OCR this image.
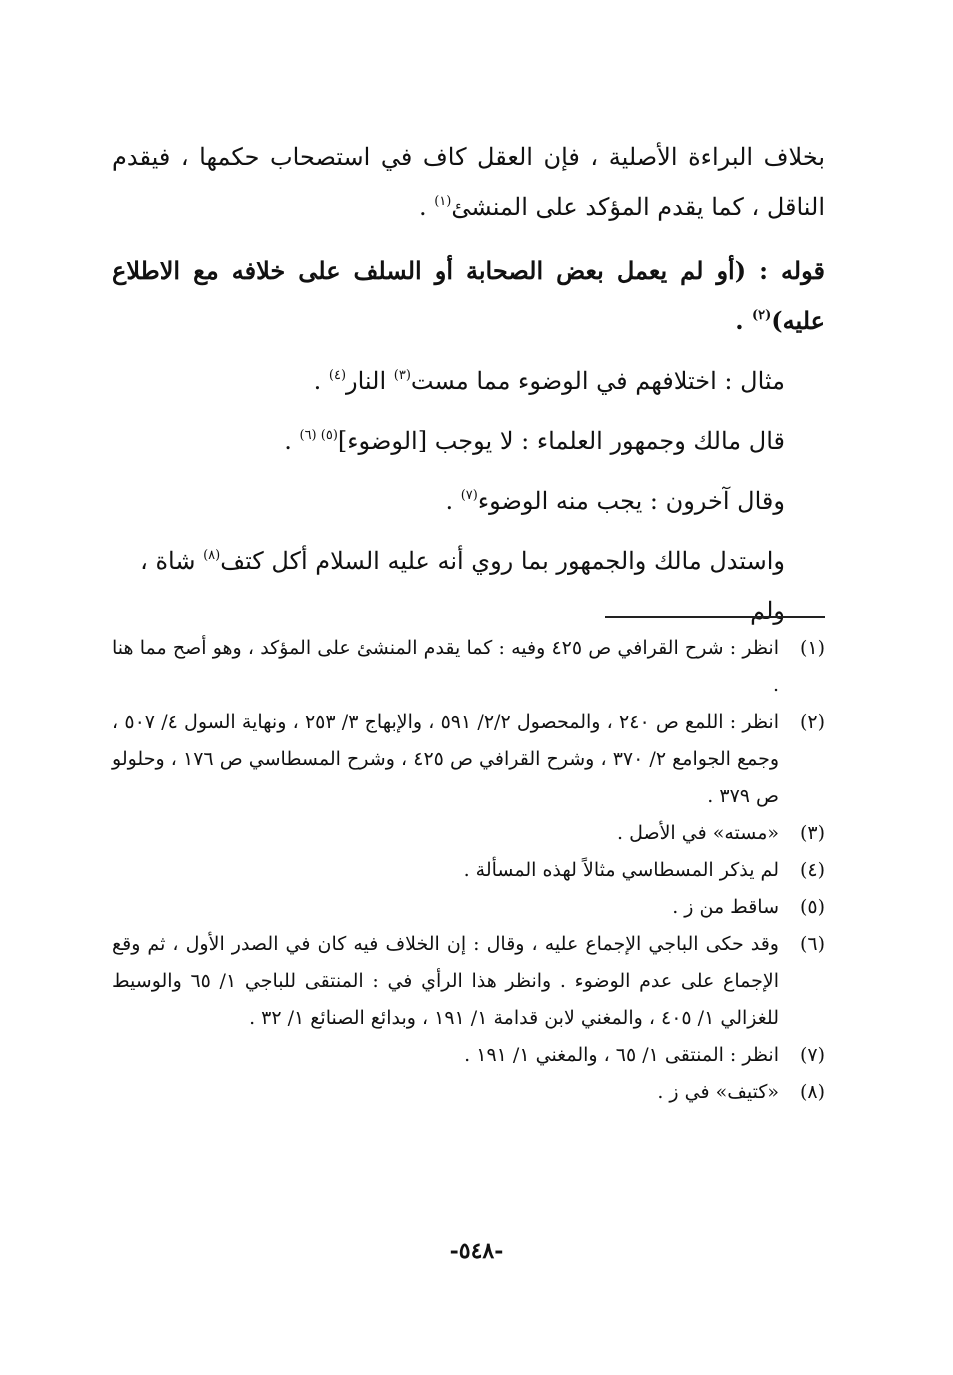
بخلاف البراءة الأصلية ، فإن العقل كاف في استصحاب حكمها ، فيقدم الناقل ، كما يقدم المؤكد على المنشئ$^{(١)}$ .

قوله : (أو لم يعمل بعض الصحابة أو السلف على خلافه مع الاطلاع عليه)$^{(٢)}$ .

مثال : اختلافهم في الوضوء مما مست$^{(٣)}$ النار$^{(٤)}$ .

قال مالك وجمهور العلماء : لا يوجب [الوضوء]$^{(٥)}$ $^{(٦)}$ .

وقال آخرون : يجب منه الوضوء$^{(٧)}$ .

واستدل مالك والجمهور بما روي أنه عليه السلام أكل كتف$^{(٨)}$ شاة ، ولم

(١)
انظر : شرح القرافي ص ٤٢٥ وفيه : كما يقدم المنشئ على المؤكد ، وهو أصح مما هنا .
(٢)
انظر : اللمع ص ٢٤٠ ، والمحصول ٢/٢/ ٥٩١ ، والإبهاج ٣/ ٢٥٣ ، ونهاية السول ٤/ ٥٠٧ ، وجمع الجوامع ٢/ ٣٧٠ ، وشرح القرافي ص ٤٢٥ ، وشرح المسطاسي ص ١٧٦ ، وحلولو ص ٣٧٩ .
(٣)
«مسته» في الأصل .
(٤)
لم يذكر المسطاسي مثالاً لهذه المسألة .
(٥)
ساقط من ز .
(٦)
وقد حكى الباجي الإجماع عليه ، وقال : إن الخلاف فيه كان في الصدر الأول ، ثم وقع الإجماع على عدم الوضوء . وانظر هذا الرأي في : المنتقى للباجي ١/ ٦٥ والوسيط للغزالي ١/ ٤٠٥ ، والمغني لابن قدامة ١/ ١٩١ ، وبدائع الصنائع ١/ ٣٢ .
(٧)
انظر : المنتقى ١/ ٦٥ ، والمغني ١/ ١٩١ .
(٨)
«كتيف» في ز .
-٥٤٨-
